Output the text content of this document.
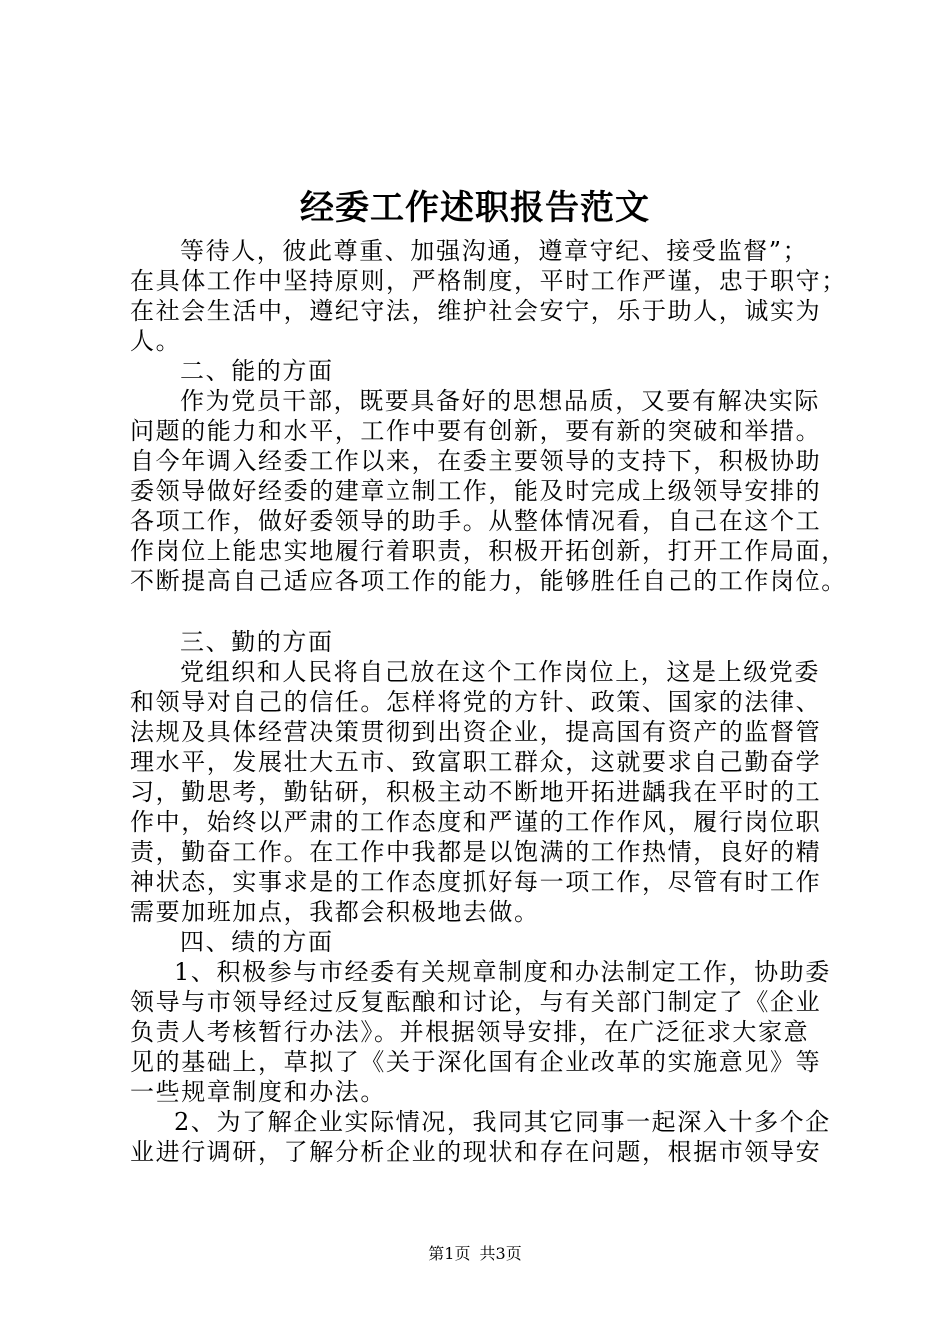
经委工作述职报告范文
等待人，彼此尊重、加强沟通，遵章守纪、接受监督”；
在具体工作中坚持原则，严格制度，平时工作严谨，忠于职守；
在社会生活中，遵纪守法，维护社会安宁，乐于助人，诚实为
人。
二、能的方面
作为党员干部，既要具备好的思想品质，又要有解决实际
问题的能力和水平，工作中要有创新，要有新的突破和举措。
自今年调入经委工作以来，在委主要领导的支持下，积极协助
委领导做好经委的建章立制工作，能及时完成上级领导安排的
各项工作，做好委领导的助手。从整体情况看，自己在这个工
作岗位上能忠实地履行着职责，积极开拓创新，打开工作局面，
不断提高自己适应各项工作的能力，能够胜任自己的工作岗位。
三、勤的方面
党组织和人民将自己放在这个工作岗位上，这是上级党委
和领导对自己的信任。怎样将党的方针、政策、国家的法律、
法规及具体经营决策贯彻到出资企业，提高国有资产的监督管
理水平，发展壮大五市、致富职工群众，这就要求自己勤奋学
习，勤思考，勤钻研，积极主动不断地开拓进龋我在平时的工
作中，始终以严肃的工作态度和严谨的工作作风，履行岗位职
责，勤奋工作。在工作中我都是以饱满的工作热情，良好的精
神状态，实事求是的工作态度抓好每一项工作，尽管有时工作
需要加班加点，我都会积极地去做。
四、绩的方面
1、积极参与市经委有关规章制度和办法制定工作，协助委
领导与市领导经过反复酝酿和讨论，与有关部门制定了《企业
负责人考核暂行办法》。并根据领导安排，在广泛征求大家意
见的基础上，草拟了《关于深化国有企业改革的实施意见》等
一些规章制度和办法。
2、为了解企业实际情况，我同其它同事一起深入十多个企
业进行调研，了解分析企业的现状和存在问题，根据市领导安
第1页 共3页
